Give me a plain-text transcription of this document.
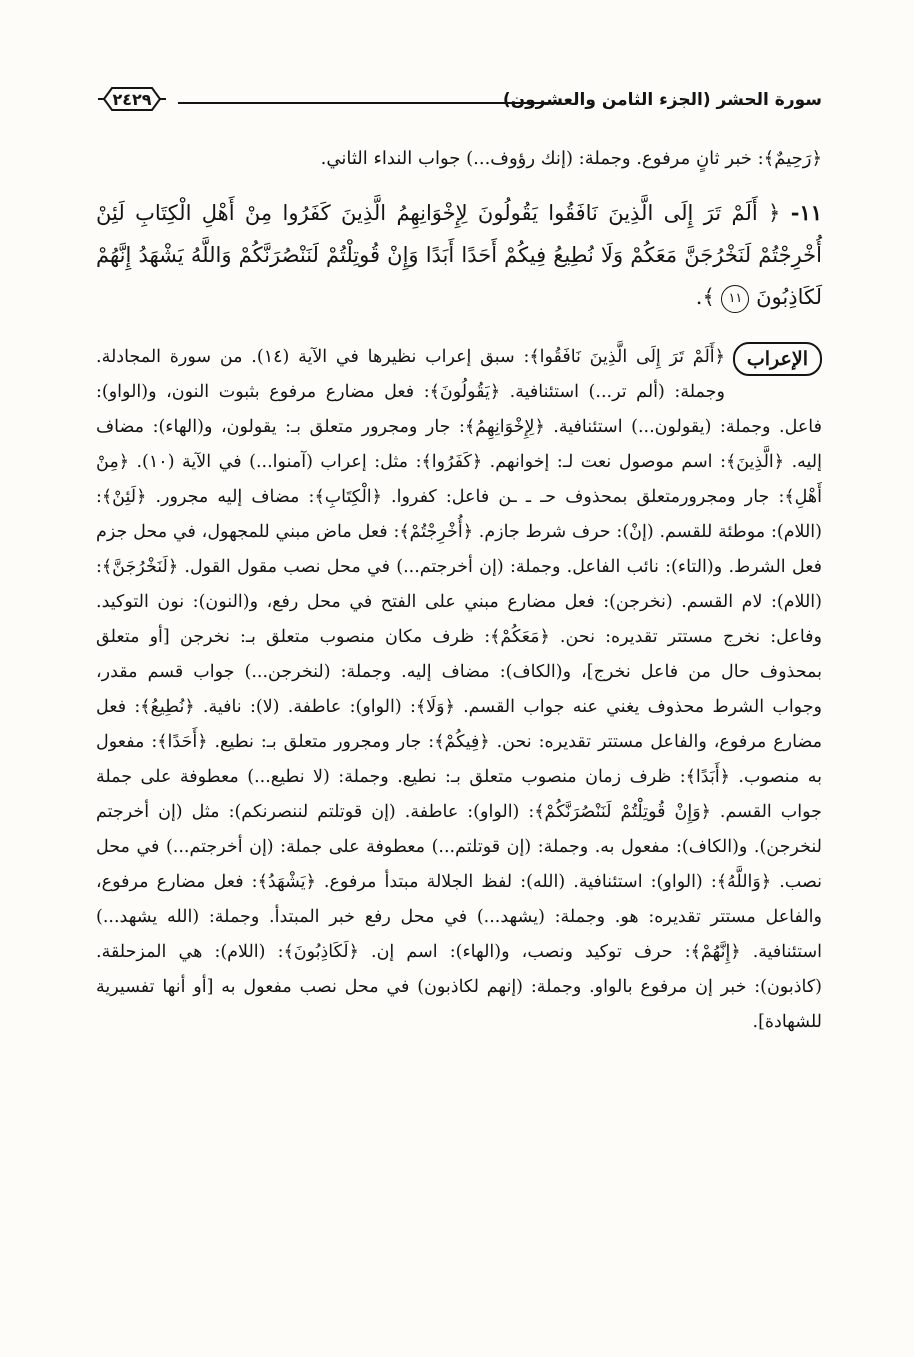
سورة الحشر (الجزء الثامن والعشرون)
٢٤٢٩
﴿رَحِيمٌ﴾: خبر ثانٍ مرفوع. وجملة: (إنك رؤوف...) جواب النداء الثاني.
١١- ﴿ أَلَمْ تَرَ إِلَى الَّذِينَ نَافَقُوا يَقُولُونَ لِإِخْوَانِهِمُ الَّذِينَ كَفَرُوا مِنْ أَهْلِ الْكِتَابِ لَئِنْ أُخْرِجْتُمْ لَنَخْرُجَنَّ مَعَكُمْ وَلَا نُطِيعُ فِيكُمْ أَحَدًا أَبَدًا وَإِنْ قُوتِلْتُمْ لَنَنْصُرَنَّكُمْ وَاللَّهُ يَشْهَدُ إِنَّهُمْ لَكَاذِبُونَ ١١ ﴾.
الإعراب
﴿أَلَمْ تَرَ إِلَى الَّذِينَ نَافَقُوا﴾: سبق إعراب نظيرها في الآية (١٤). من سورة المجادلة. وجملة: (ألم تر...) استئنافية. ﴿يَقُولُونَ﴾: فعل مضارع مرفوع بثبوت النون، و(الواو): فاعل. وجملة: (يقولون...) استئنافية. ﴿لِإِخْوَانِهِمُ﴾: جار ومجرور متعلق بـ: يقولون، و(الهاء): مضاف إليه. ﴿الَّذِينَ﴾: اسم موصول نعت لـ: إخوانهم. ﴿كَفَرُوا﴾: مثل: إعراب (آمنوا...) في الآية (١٠). ﴿مِنْ أَهْلِ﴾: جار ومجرورمتعلق بمحذوف حـ ـ ـن فاعل: كفروا. ﴿الْكِتَابِ﴾: مضاف إليه مجرور. ﴿لَئِنْ﴾: (اللام): موطئة للقسم. (إنْ): حرف شرط جازم. ﴿أُخْرِجْتُمْ﴾: فعل ماض مبني للمجهول، في محل جزم فعل الشرط. و(التاء): نائب الفاعل. وجملة: (إن أخرجتم...) في محل نصب مقول القول. ﴿لَنَخْرُجَنَّ﴾: (اللام): لام القسم. (نخرجن): فعل مضارع مبني على الفتح في محل رفع، و(النون): نون التوكيد. وفاعل: نخرج مستتر تقديره: نحن. ﴿مَعَكُمْ﴾: ظرف مكان منصوب متعلق بـ: نخرجن [أو متعلق بمحذوف حال من فاعل نخرج]، و(الكاف): مضاف إليه. وجملة: (لنخرجن...) جواب قسم مقدر، وجواب الشرط محذوف يغني عنه جواب القسم. ﴿وَلَا﴾: (الواو): عاطفة. (لا): نافية. ﴿نُطِيعُ﴾: فعل مضارع مرفوع، والفاعل مستتر تقديره: نحن. ﴿فِيكُمْ﴾: جار ومجرور متعلق بـ: نطيع. ﴿أَحَدًا﴾: مفعول به منصوب. ﴿أَبَدًا﴾: ظرف زمان منصوب متعلق بـ: نطيع. وجملة: (لا نطيع...) معطوفة على جملة جواب القسم. ﴿وَإِنْ قُوتِلْتُمْ لَنَنْصُرَنَّكُمْ﴾: (الواو): عاطفة. (إن قوتلتم لننصرنكم): مثل (إن أخرجتم لنخرجن). و(الكاف): مفعول به. وجملة: (إن قوتلتم...) معطوفة على جملة: (إن أخرجتم...) في محل نصب. ﴿وَاللَّهُ﴾: (الواو): استئنافية. (الله): لفظ الجلالة مبتدأ مرفوع. ﴿يَشْهَدُ﴾: فعل مضارع مرفوع، والفاعل مستتر تقديره: هو. وجملة: (يشهد...) في محل رفع خبر المبتدأ. وجملة: (الله يشهد...) استئنافية. ﴿إِنَّهُمْ﴾: حرف توكيد ونصب، و(الهاء): اسم إن. ﴿لَكَاذِبُونَ﴾: (اللام): هي المزحلقة. (كاذبون): خبر إن مرفوع بالواو. وجملة: (إنهم لكاذبون) في محل نصب مفعول به [أو أنها تفسيرية للشهادة].
